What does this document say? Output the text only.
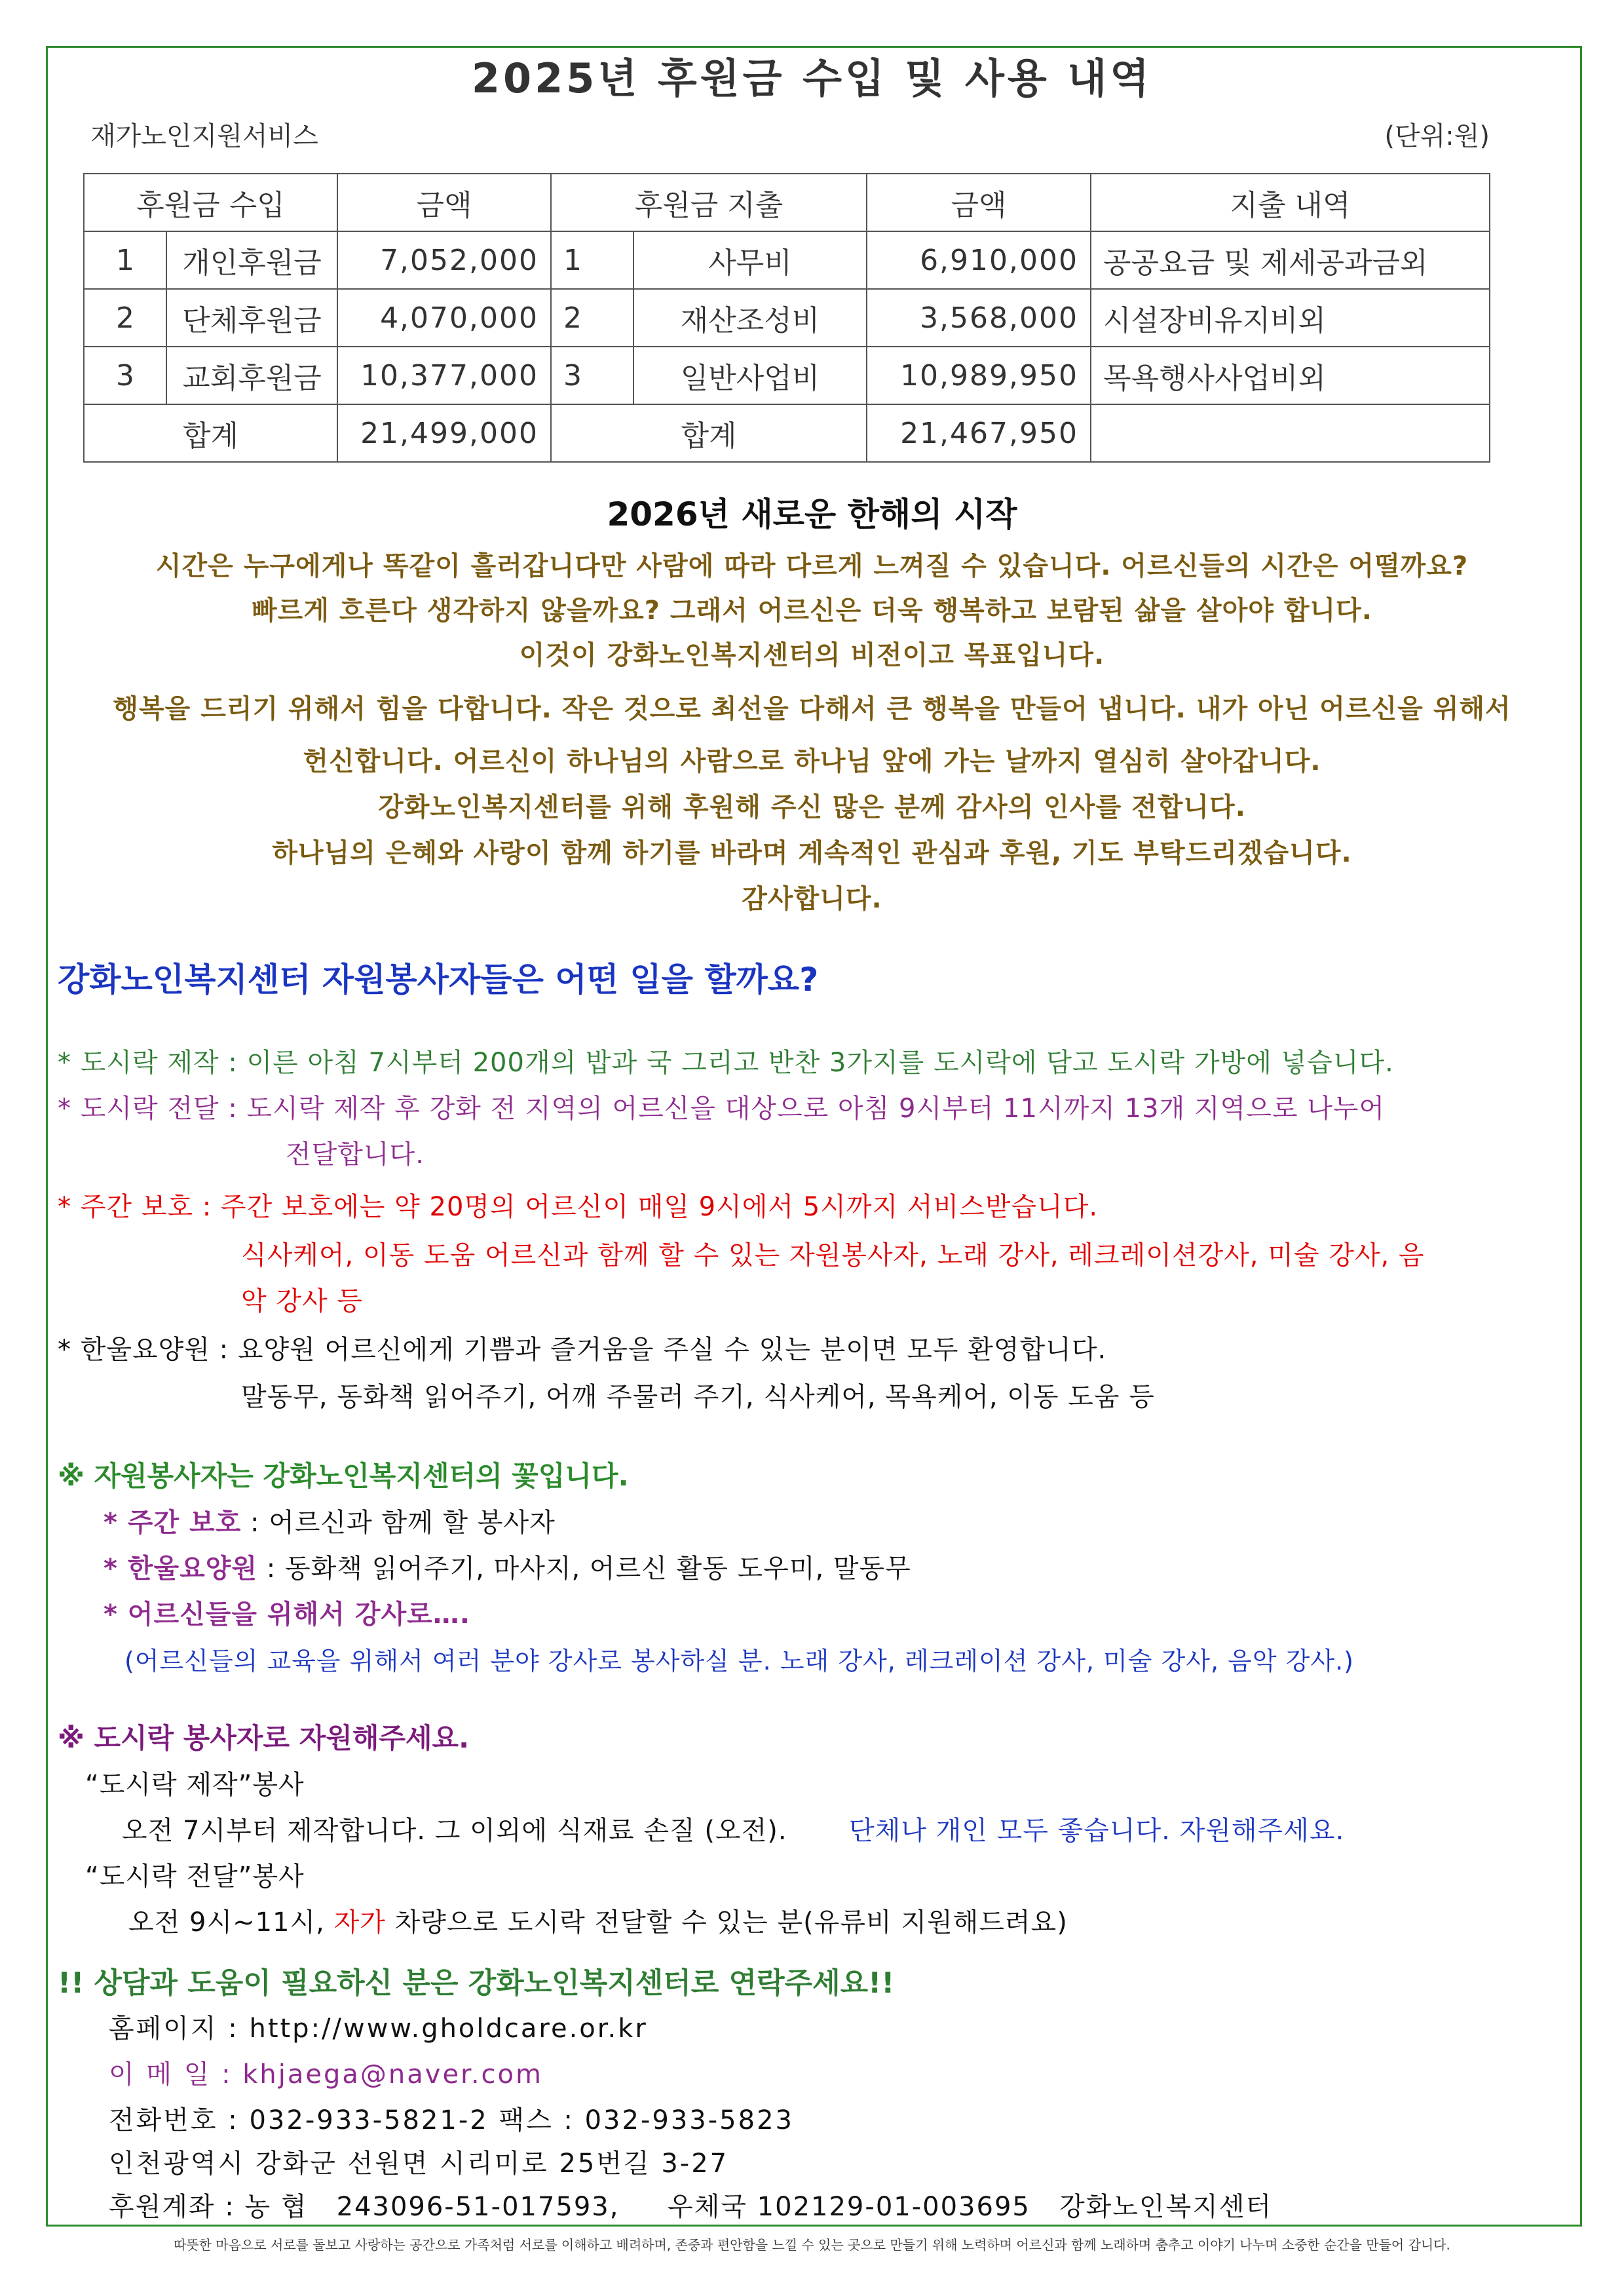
2025년 후원금 수입 및 사용 내역
재가노인지원서비스	(단위:원)
후원금 수입		금액	후원금 지출		금액	지출 내역
1	개인후원금	7,052,000	1	사무비	6,910,000	공공요금 및 제세공과금외
2	단체후원금	4,070,000	2	재산조성비	3,568,000	시설장비유지비외
3	교회후원금	10,377,000	3	일반사업비	10,989,950	목욕행사사업비외
합계		21,499,000	합계		21,467,950	
2026년 새로운 한해의 시작
시간은 누구에게나 똑같이 흘러갑니다만 사람에 따라 다르게 느껴질 수 있습니다. 어르신들의 시간은 어떨까요?
빠르게 흐른다 생각하지 않을까요? 그래서 어르신은 더욱 행복하고 보람된 삶을 살아야 합니다.
이것이 강화노인복지센터의 비전이고 목표입니다.
행복을 드리기 위해서 힘을 다합니다. 작은 것으로 최선을 다해서 큰 행복을 만들어 냅니다. 내가 아닌 어르신을 위해서
헌신합니다. 어르신이 하나님의 사람으로 하나님 앞에 가는 날까지 열심히 살아갑니다.
강화노인복지센터를 위해 후원해 주신 많은 분께 감사의 인사를 전합니다.
하나님의 은혜와 사랑이 함께 하기를 바라며 계속적인 관심과 후원, 기도 부탁드리겠습니다.
감사합니다.
강화노인복지센터 자원봉사자들은 어떤 일을 할까요?
* 도시락 제작 : 이른 아침 7시부터 200개의 밥과 국 그리고 반찬 3가지를 도시락에 담고 도시락 가방에 넣습니다.
* 도시락 전달 : 도시락 제작 후 강화 전 지역의 어르신을 대상으로 아침 9시부터 11시까지 13개 지역으로 나누어
전달합니다.
* 주간 보호 : 주간 보호에는 약 20명의 어르신이 매일 9시에서 5시까지 서비스받습니다.
식사케어, 이동 도움 어르신과 함께 할 수 있는 자원봉사자, 노래 강사, 레크레이션강사, 미술 강사, 음
악 강사 등
* 한울요양원 : 요양원 어르신에게 기쁨과 즐거움을 주실 수 있는 분이면 모두 환영합니다.
말동무, 동화책 읽어주기, 어깨 주물러 주기, 식사케어, 목욕케어, 이동 도움 등
※ 자원봉사자는 강화노인복지센터의 꽃입니다.
* 주간 보호 : 어르신과 함께 할 봉사자
* 한울요양원 : 동화책 읽어주기, 마사지, 어르신 활동 도우미, 말동무
* 어르신들을 위해서 강사로….
(어르신들의 교육을 위해서 여러 분야 강사로 봉사하실 분. 노래 강사, 레크레이션 강사, 미술 강사, 음악 강사.)
※ 도시락 봉사자로 자원해주세요.
“도시락 제작”봉사
오전 7시부터 제작합니다. 그 이외에 식재료 손질 (오전). 단체나 개인 모두 좋습니다. 자원해주세요.
“도시락 전달”봉사
오전 9시~11시, 자가 차량으로 도시락 전달할 수 있는 분(유류비 지원해드려요)
!! 상담과 도움이 필요하신 분은 강화노인복지센터로 연락주세요!!
홈페이지 : http://www.gholdcare.or.kr
이 메 일 : khjaega@naver.com
전화번호 : 032-933-5821-2 팩스 : 032-933-5823
인천광역시 강화군 선원면 시리미로 25번길 3-27
후원계좌 : 농 협   243096-51-017593,     우체국 102129-01-003695   강화노인복지센터
따뜻한 마음으로 서로를 돌보고 사랑하는 공간으로 가족처럼 서로를 이해하고 배려하며, 존중과 편안함을 느낄 수 있는 곳으로 만들기 위해 노력하며 어르신과 함께 노래하며 춤추고 이야기 나누며 소중한 순간을 만들어 갑니다.
